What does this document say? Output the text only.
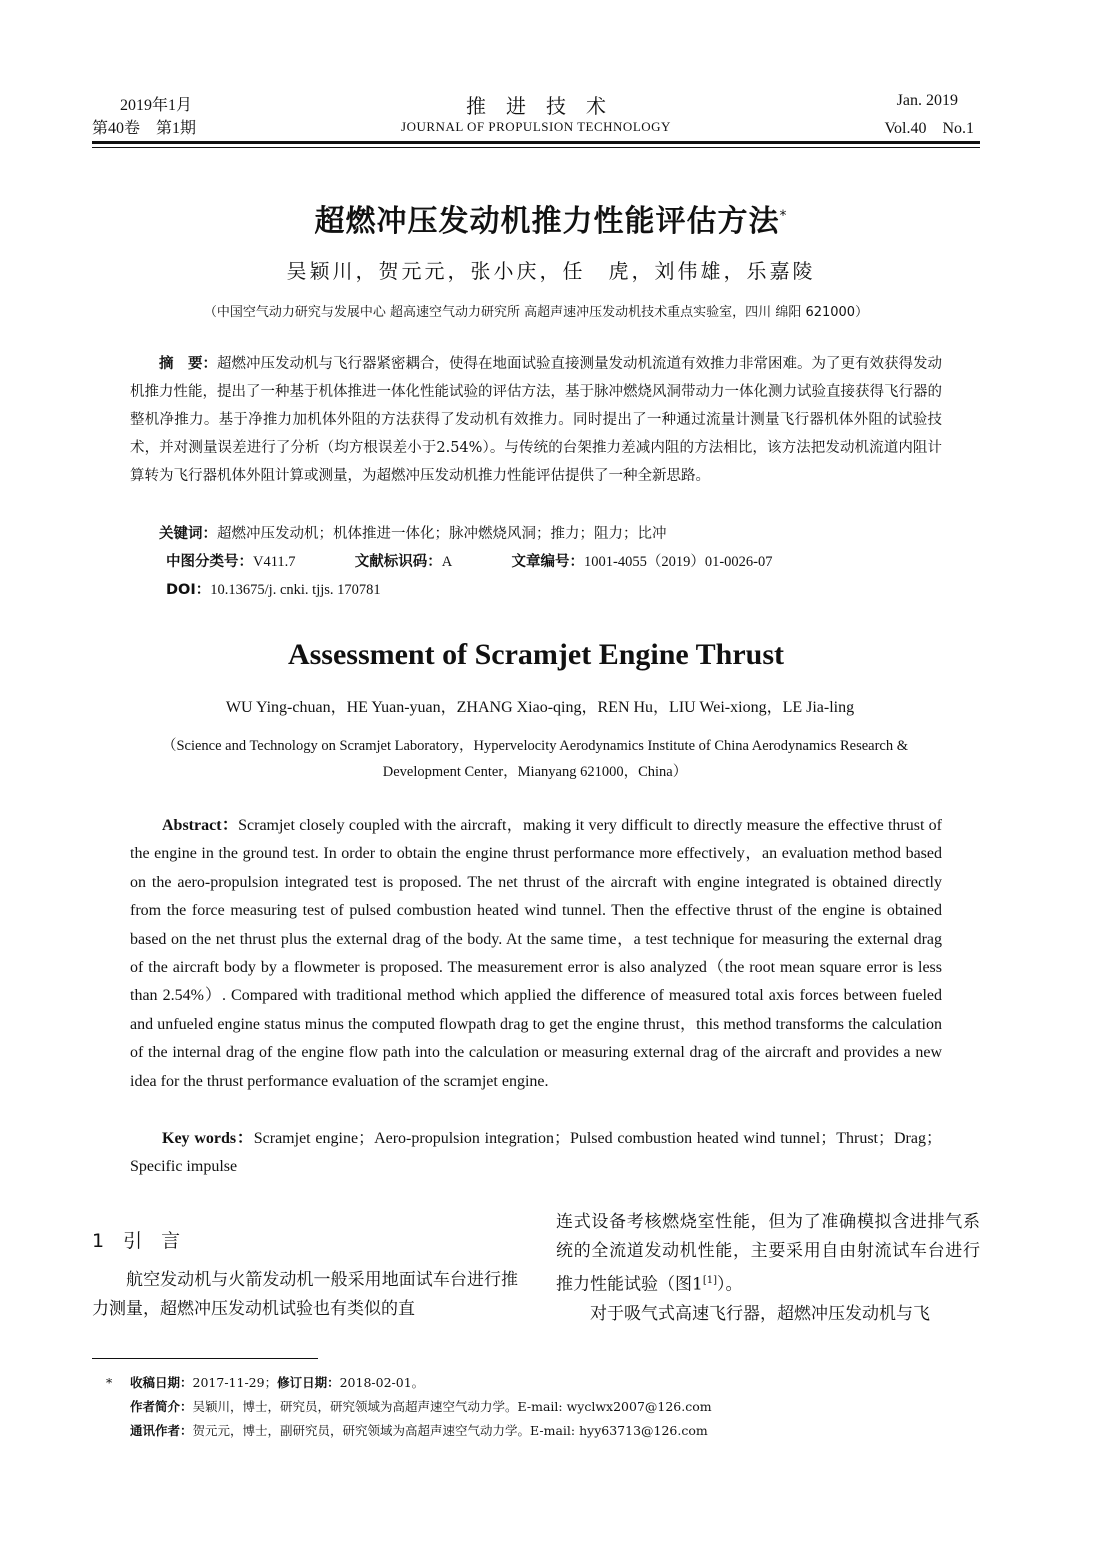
2019年1月
第40卷　第1期
推　进　技　术
JOURNAL OF PROPULSION TECHNOLOGY
Jan. 2019
Vol.40　No.1
超燃冲压发动机推力性能评估方法*
吴颖川，贺元元，张小庆，任　虎，刘伟雄，乐嘉陵
（中国空气动力研究与发展中心 超高速空气动力研究所 高超声速冲压发动机技术重点实验室，四川 绵阳 621000）
摘　要：超燃冲压发动机与飞行器紧密耦合，使得在地面试验直接测量发动机流道有效推力非常困难。为了更有效获得发动机推力性能，提出了一种基于机体推进一体化性能试验的评估方法，基于脉冲燃烧风洞带动力一体化测力试验直接获得飞行器的整机净推力。基于净推力加机体外阻的方法获得了发动机有效推力。同时提出了一种通过流量计测量飞行器机体外阻的试验技术，并对测量误差进行了分析（均方根误差小于2.54%）。与传统的台架推力差减内阻的方法相比，该方法把发动机流道内阻计算转为飞行器机体外阻计算或测量，为超燃冲压发动机推力性能评估提供了一种全新思路。
关键词：超燃冲压发动机；机体推进一体化；脉冲燃烧风洞；推力；阻力；比冲
中图分类号：V411.7	文献标识码：A	文章编号：1001-4055（2019）01-0026-07
DOI：10.13675/j. cnki. tjjs. 170781
Assessment of Scramjet Engine Thrust
WU Ying-chuan，HE Yuan-yuan，ZHANG Xiao-qing，REN Hu，LIU Wei-xiong，LE Jia-ling
（Science and Technology on Scramjet Laboratory，Hypervelocity Aerodynamics Institute of China Aerodynamics Research &
Development Center，Mianyang 621000，China）
Abstract：Scramjet closely coupled with the aircraft，making it very difficult to directly measure the effective thrust of the engine in the ground test. In order to obtain the engine thrust performance more effectively，an evaluation method based on the aero-propulsion integrated test is proposed. The net thrust of the aircraft with engine integrated is obtained directly from the force measuring test of pulsed combustion heated wind tunnel. Then the effective thrust of the engine is obtained based on the net thrust plus the external drag of the body. At the same time，a test technique for measuring the external drag of the aircraft body by a flowmeter is proposed. The measurement error is also analyzed（the root mean square error is less than 2.54%）. Compared with traditional method which applied the difference of measured total axis forces between fueled and unfueled engine status minus the computed flowpath drag to get the engine thrust，this method transforms the calculation of the internal drag of the engine flow path into the calculation or measuring external drag of the aircraft and provides a new idea for the thrust performance evaluation of the scramjet engine.
Key words：Scramjet engine；Aero-propulsion integration；Pulsed combustion heated wind tunnel；Thrust；Drag；Specific impulse
1　引　言
航空发动机与火箭发动机一般采用地面试车台进行推力测量，超燃冲压发动机试验也有类似的直
连式设备考核燃烧室性能，但为了准确模拟含进排气系统的全流道发动机性能，主要采用自由射流试车台进行推力性能试验（图1[1]）。
对于吸气式高速飞行器，超燃冲压发动机与飞
* 收稿日期：2017-11-29；修订日期：2018-02-01。
作者简介：吴颖川，博士，研究员，研究领域为高超声速空气动力学。E-mail: wyclwx2007@126.com
通讯作者：贺元元，博士，副研究员，研究领域为高超声速空气动力学。E-mail: hyy63713@126.com
